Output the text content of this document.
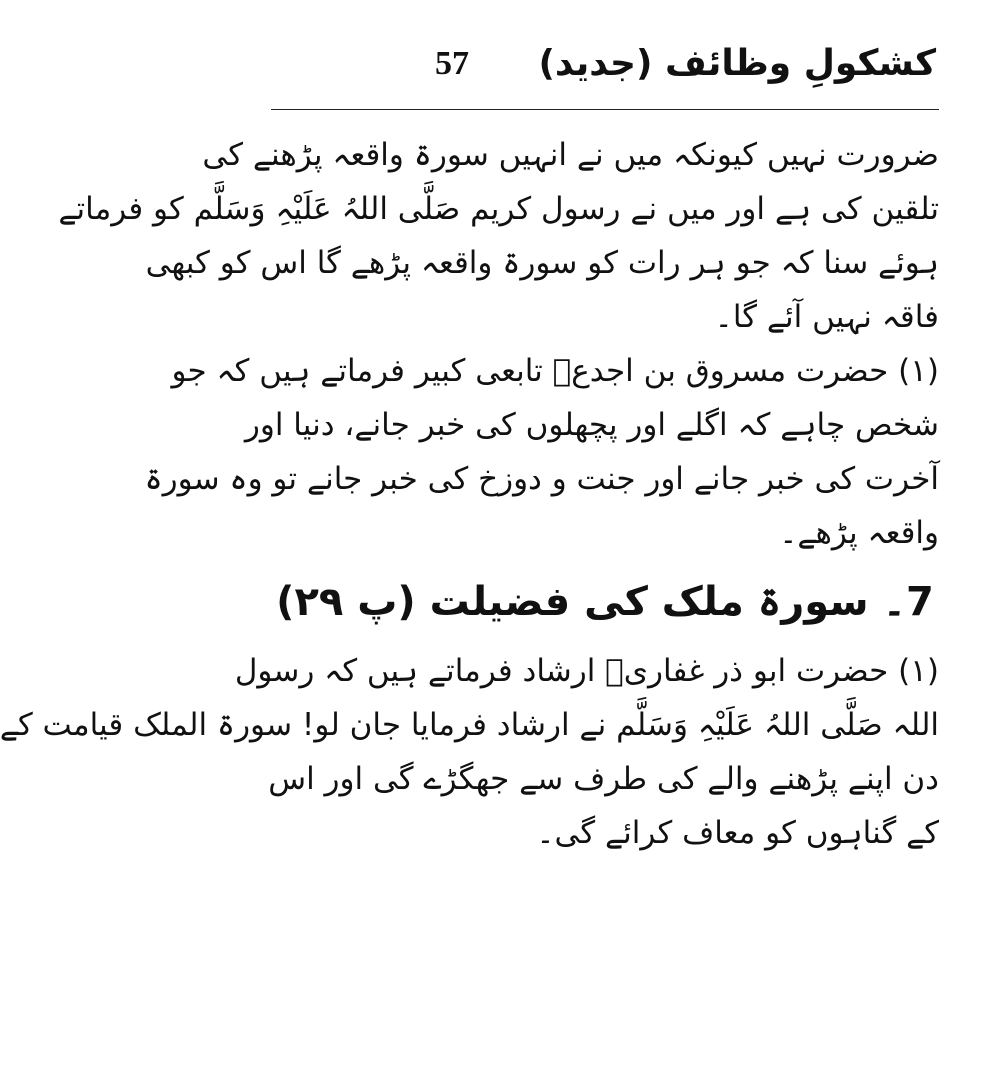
کشکولِ وظائف (جدید)
57
ضرورت نہیں کیونکہ میں نے انہیں سورۃ واقعہ پڑھنے کی
تلقین کی ہے اور میں نے رسول کریم صَلَّی اللہُ عَلَیْہِ وَسَلَّم کو فرماتے
ہوئے سنا کہ جو ہر رات کو سورۃ واقعہ پڑھے گا اس کو کبھی
فاقہ نہیں آئے گا۔
(۱) حضرت مسروق بن اجدعؒ تابعی کبیر فرماتے ہیں کہ جو
شخص چاہے کہ اگلے اور پچھلوں کی خبر جانے، دنیا اور
آخرت کی خبر جانے اور جنت و دوزخ کی خبر جانے تو وہ سورۃ
واقعہ پڑھے۔
7۔ سورۃ ملک کی فضیلت (پ ۲۹)
(۱) حضرت ابو ذر غفاریؓ ارشاد فرماتے ہیں کہ رسول
اللہ صَلَّی اللہُ عَلَیْہِ وَسَلَّم نے ارشاد فرمایا جان لو! سورۃ الملک قیامت کے
دن اپنے پڑھنے والے کی طرف سے جھگڑے گی اور اس
کے گناہوں کو معاف کرائے گی۔
